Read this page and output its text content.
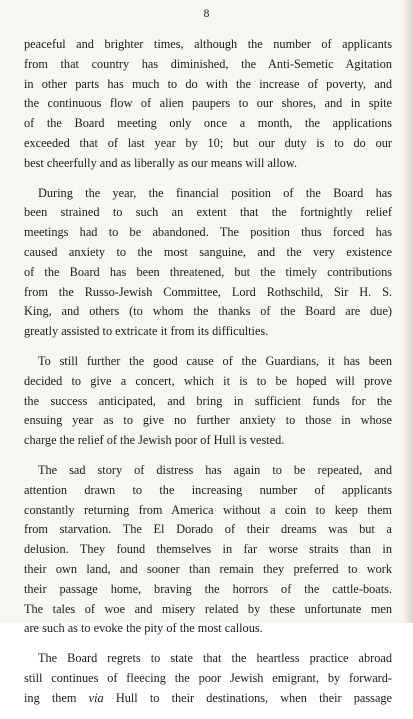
8
peaceful and brighter times, although the number of applicants
from that country has diminished, the Anti-Semetic Agitation
in other parts has much to do with the increase of poverty, and
the continuous flow of alien paupers to our shores, and in spite
of the Board meeting only once a month, the applications
exceeded that of last year by 10; but our duty is to do our
best cheerfully and as liberally as our means will allow.
During the year, the financial position of the Board has
been strained to such an extent that the fortnightly relief
meetings had to be abandoned. The position thus forced has
caused anxiety to the most sanguine, and the very existence
of the Board has been threatened, but the timely contributions
from the Russo-Jewish Committee, Lord Rothschild, Sir H. S.
King, and others (to whom the thanks of the Board are due)
greatly assisted to extricate it from its difficulties.
To still further the good cause of the Guardians, it has been
decided to give a concert, which it is to be hoped will prove
the success anticipated, and bring in sufficient funds for the
ensuing year as to give no further anxiety to those in whose
charge the relief of the Jewish poor of Hull is vested.
The sad story of distress has again to be repeated, and
attention drawn to the increasing number of applicants
constantly returning from America without a coin to keep them
from starvation. The El Dorado of their dreams was but a
delusion. They found themselves in far worse straits than in
their own land, and sooner than remain they preferred to work
their passage home, braving the horrors of the cattle-boats.
The tales of woe and misery related by these unfortunate men
are such as to evoke the pity of the most callous.
The Board regrets to state that the heartless practice abroad
still continues of fleecing the poor Jewish emigrant, by forward-
ing them via Hull to their destinations, when their passage
